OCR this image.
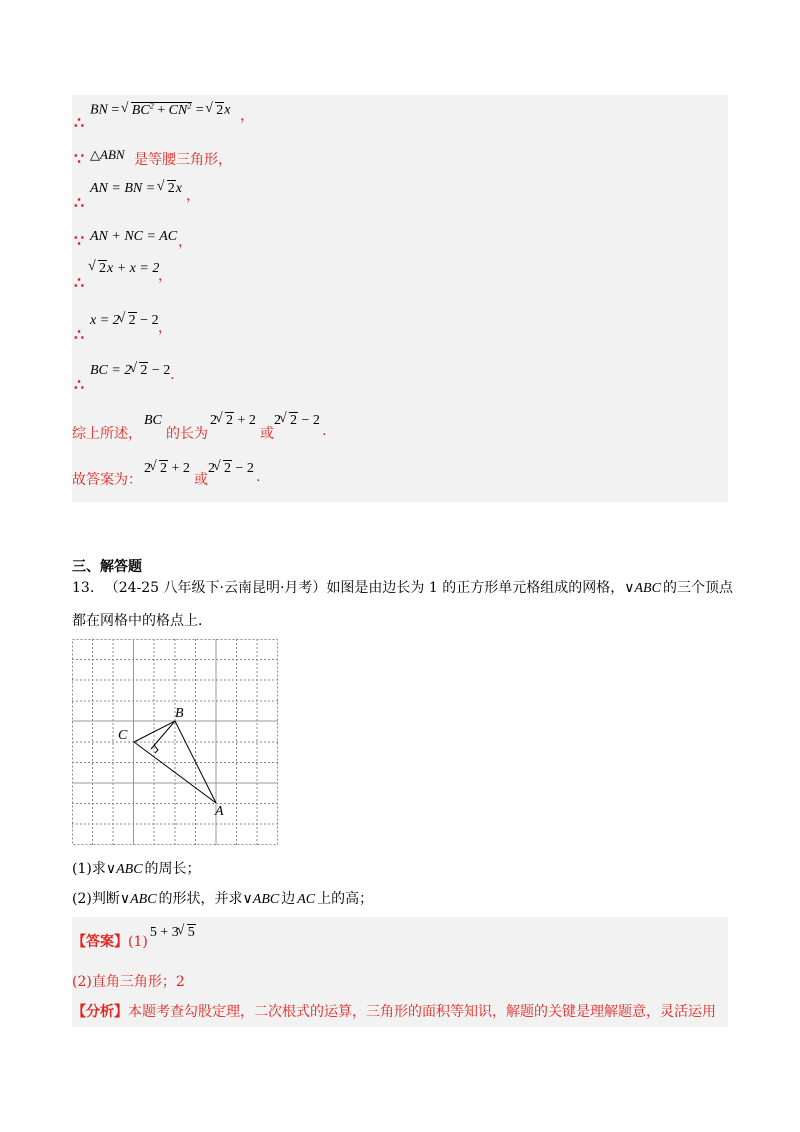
∴
BN = √ $BC^2 + CN^2$ = √ 2x ，
∵ △ABN 是等腰三角形，
∴
AN = BN = √ 2x ，
∵ AN + NC = AC ，
∴
√ 2x + x = 2
，
∴
x = 2 √ 2 − 2 ，
∴
BC = 2 √ 2 − 2 .
综上所述，
BC
的长为
2 √ 2 + 2
或
2 √ 2 − 2
.
故答案为：
2 √ 2 + 2
或
2 √ 2 − 2
.
三、解答题
13. （24-25 八年级下·云南昆明·月考）如图是由边长为 1 的正方形单元格组成的网格，∨ABC 的三个顶点
都在网格中的格点上．
B
C
A
(1)求∨ABC 的周长；
(2)判断∨ABC 的形状，并求∨ABC 边 AC 上的高；
【答案】(1)5 + 3 √ 5
(2)直角三角形；2
【分析】本题考查勾股定理，二次根式的运算，三角形的面积等知识，解题的关键是理解题意，灵活运用
